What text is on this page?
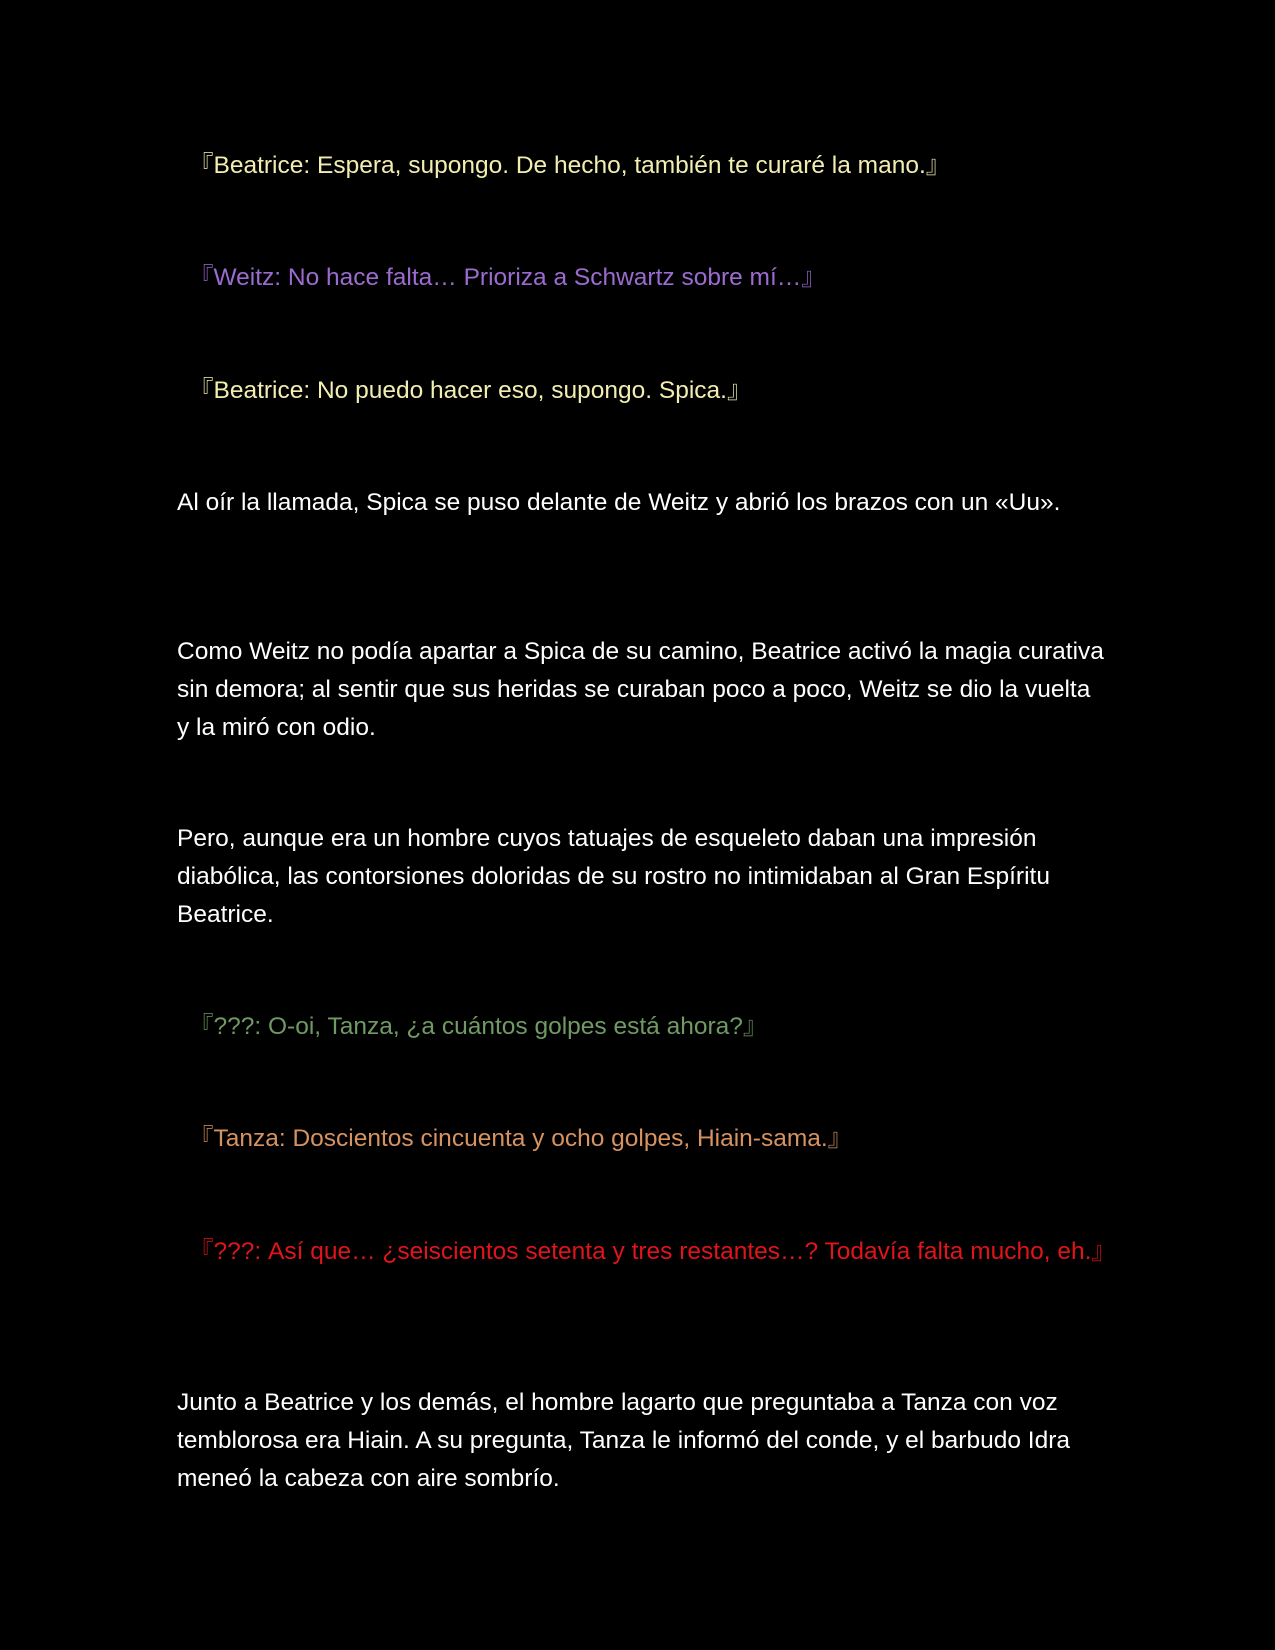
『Beatrice: Espera, supongo. De hecho, también te curaré la mano.』

『Weitz: No hace falta… Prioriza a Schwartz sobre mí…』

『Beatrice: No puedo hacer eso, supongo. Spica.』

Al oír la llamada, Spica se puso delante de Weitz y abrió los brazos con un «Uu».

Como Weitz no podía apartar a Spica de su camino, Beatrice activó la magia curativa sin demora; al sentir que sus heridas se curaban poco a poco, Weitz se dio la vuelta y la miró con odio.

Pero, aunque era un hombre cuyos tatuajes de esqueleto daban una impresión diabólica, las contorsiones doloridas de su rostro no intimidaban al Gran Espíritu Beatrice.

『???: O-oi, Tanza, ¿a cuántos golpes está ahora?』

『Tanza: Doscientos cincuenta y ocho golpes, Hiain-sama.』

『???: Así que… ¿seiscientos setenta y tres restantes…? Todavía falta mucho, eh.』

Junto a Beatrice y los demás, el hombre lagarto que preguntaba a Tanza con voz temblorosa era Hiain. A su pregunta, Tanza le informó del conde, y el barbudo Idra meneó la cabeza con aire sombrío.
